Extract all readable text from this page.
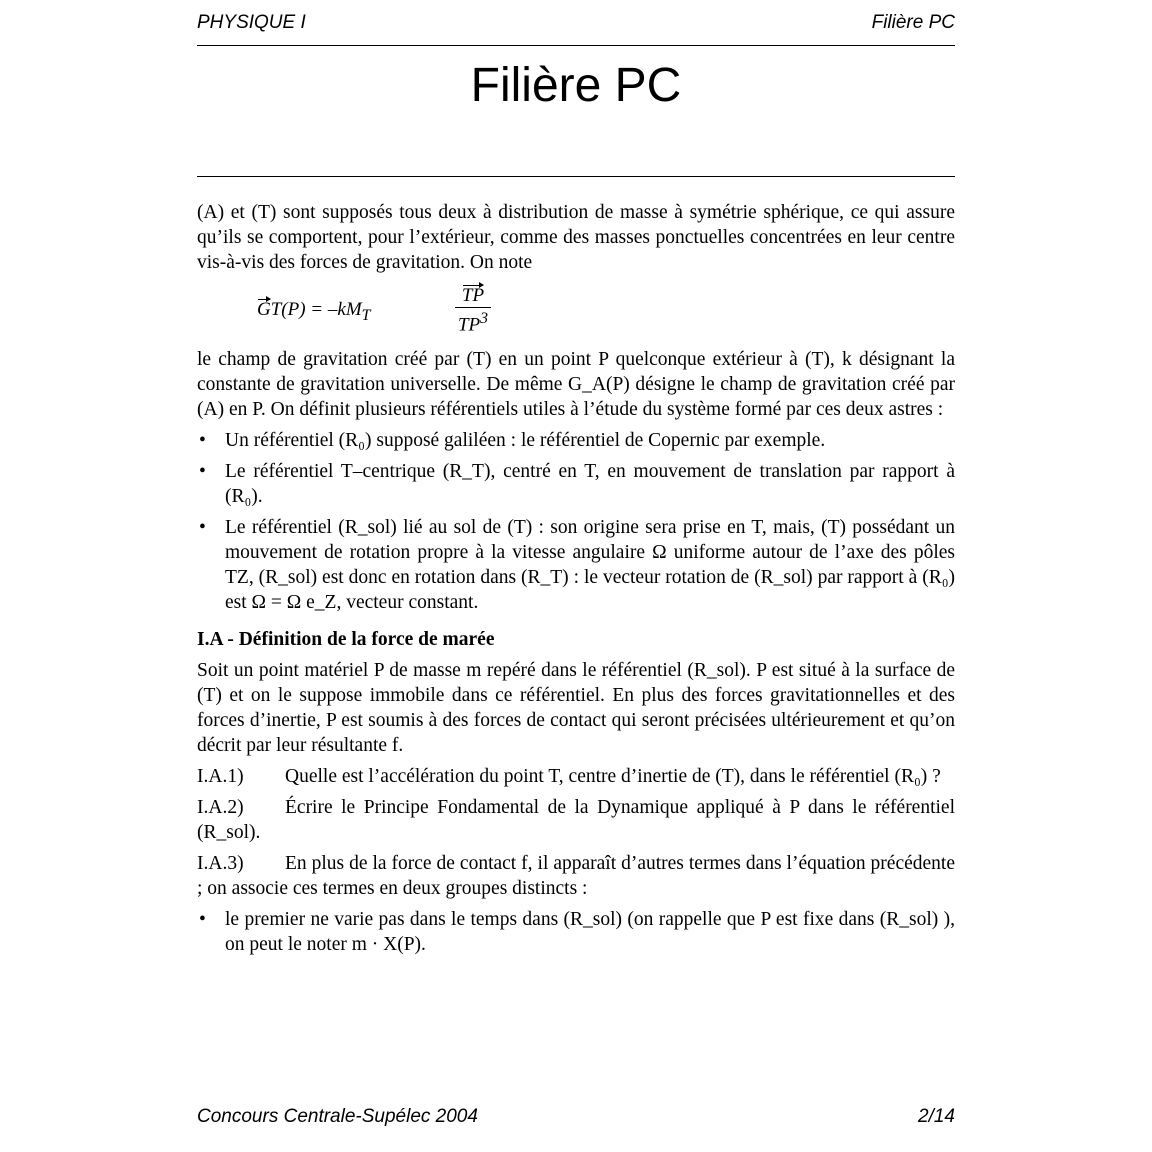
PHYSIQUE I	Filière PC
Filière PC

(A) et (T) sont supposés tous deux à distribution de masse à symétrie sphérique, ce qui assure qu’ils se comportent, pour l’extérieur, comme des masses ponctuelles concentrées en leur centre vis-à-vis des forces de gravitation. On note

$GT(P) = -kM_T$	$\frac{TP}{TP^3}$

le champ de gravitation créé par (T) en un point P quelconque extérieur à (T), k désignant la constante de gravitation universelle. De même G_A(P) désigne le champ de gravitation créé par (A) en P. On définit plusieurs référentiels utiles à l’étude du système formé par ces deux astres :

• Un référentiel (R₀) supposé galiléen : le référentiel de Copernic par exemple.
• Le référentiel T–centrique (R_T), centré en T, en mouvement de translation par rapport à (R₀).
• Le référentiel (R_sol) lié au sol de (T) : son origine sera prise en T, mais, (T) possédant un mouvement de rotation propre à la vitesse angulaire Ω uniforme autour de l’axe des pôles TZ, (R_sol) est donc en rotation dans (R_T) : le vecteur rotation de (R_sol) par rapport à (R₀) est Ω = Ω e_Z, vecteur constant.
I.A - Définition de la force de marée

Soit un point matériel P de masse m repéré dans le référentiel (R_sol). P est situé à la surface de (T) et on le suppose immobile dans ce référentiel. En plus des forces gravitationnelles et des forces d’inertie, P est soumis à des forces de contact qui seront précisées ultérieurement et qu’on décrit par leur résultante f.

I.A.1) Quelle est l’accélération du point T, centre d’inertie de (T), dans le référentiel (R₀) ?

I.A.2) Écrire le Principe Fondamental de la Dynamique appliqué à P dans le référentiel (R_sol).

I.A.3) En plus de la force de contact f, il apparaît d’autres termes dans l’équation précédente ; on associe ces termes en deux groupes distincts :

• le premier ne varie pas dans le temps dans (R_sol) (on rappelle que P est fixe dans (R_sol) ), on peut le noter m · X(P).
Concours Centrale-Supélec 2004	2/14
